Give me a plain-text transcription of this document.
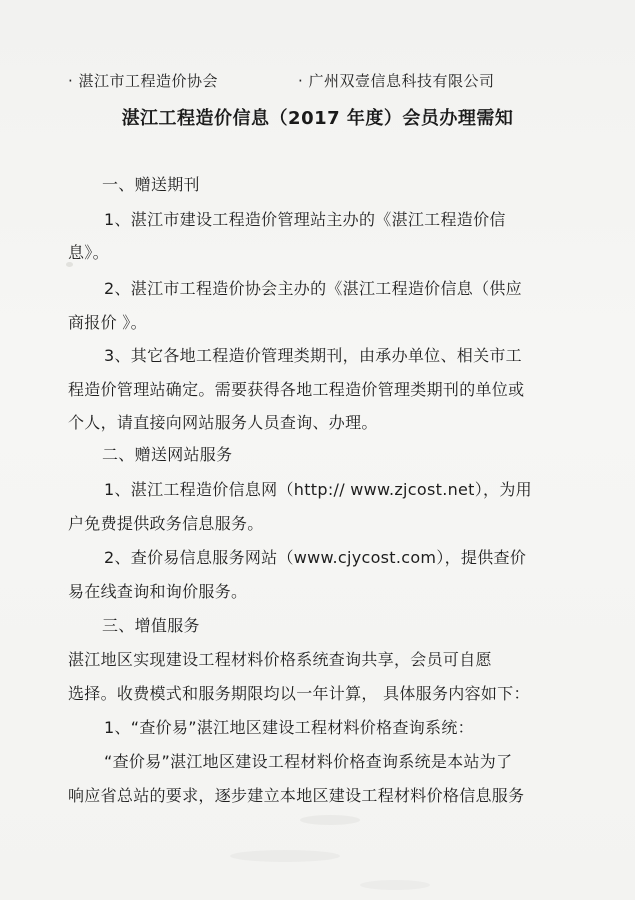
· 湛江市工程造价协会	· 广州双壹信息科技有限公司
湛江工程造价信息（2017 年度）会员办理需知
一、赠送期刊
1、湛江市建设工程造价管理站主办的《湛江工程造价信
息》。
2、湛江市工程造价协会主办的《湛江工程造价信息（供应
商报价 》。
3、其它各地工程造价管理类期刊，由承办单位、相关市工
程造价管理站确定。需要获得各地工程造价管理类期刊的单位或
个人，请直接向网站服务人员查询、办理。
二、赠送网站服务
1、湛江工程造价信息网（http:// www.zjcost.net），为用
户免费提供政务信息服务。
2、查价易信息服务网站（www.cjycost.com），提供查价
易在线查询和询价服务。
三、增值服务
湛江地区实现建设工程材料价格系统查询共享，会员可自愿
选择。收费模式和服务期限均以一年计算， 具体服务内容如下：
1、“查价易”湛江地区建设工程材料价格查询系统：
“查价易”湛江地区建设工程材料价格查询系统是本站为了
响应省总站的要求，逐步建立本地区建设工程材料价格信息服务
